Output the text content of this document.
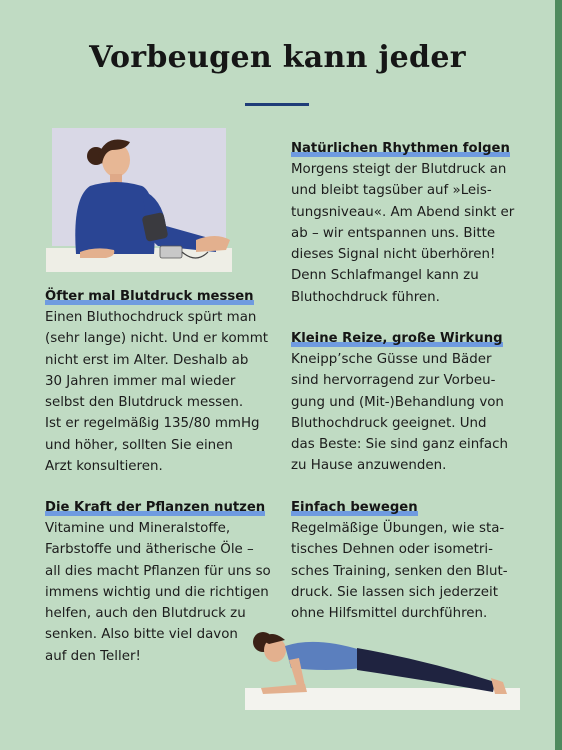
Vorbeugen kann jeder
Öfter mal Blutdruck messen

Einen Bluthochdruck spürt man
(sehr lange) nicht. Und er kommt
nicht erst im Alter. Deshalb ab
30 Jahren immer mal wieder
selbst den Blutdruck messen.
Ist er regelmäßig 135/80 mmHg
und höher, sollten Sie einen
Arzt konsultieren.

Die Kraft der Pflanzen nutzen

Vitamine und Mineralstoffe,
Farbstoffe und ätherische Öle –
all dies macht Pflanzen für uns so
immens wichtig und die richtigen
helfen, auch den Blutdruck zu
senken. Also bitte viel davon
auf den Teller!

Natürlichen Rhythmen folgen

Morgens steigt der Blutdruck an
und bleibt tagsüber auf »Leis-
tungsniveau«. Am Abend sinkt er
ab – wir entspannen uns. Bitte
dieses Signal nicht überhören!
Denn Schlafmangel kann zu
Bluthochdruck führen.

Kleine Reize, große Wirkung

Kneipp’sche Güsse und Bäder
sind hervorragend zur Vorbeu-
gung und (Mit-)Behandlung von
Bluthochdruck geeignet. Und
das Beste: Sie sind ganz einfach
zu Hause anzuwenden.

Einfach bewegen

Regelmäßige Übungen, wie sta-
tisches Dehnen oder isometri-
sches Training, senken den Blut-
druck. Sie lassen sich jederzeit
ohne Hilfsmittel durchführen.
